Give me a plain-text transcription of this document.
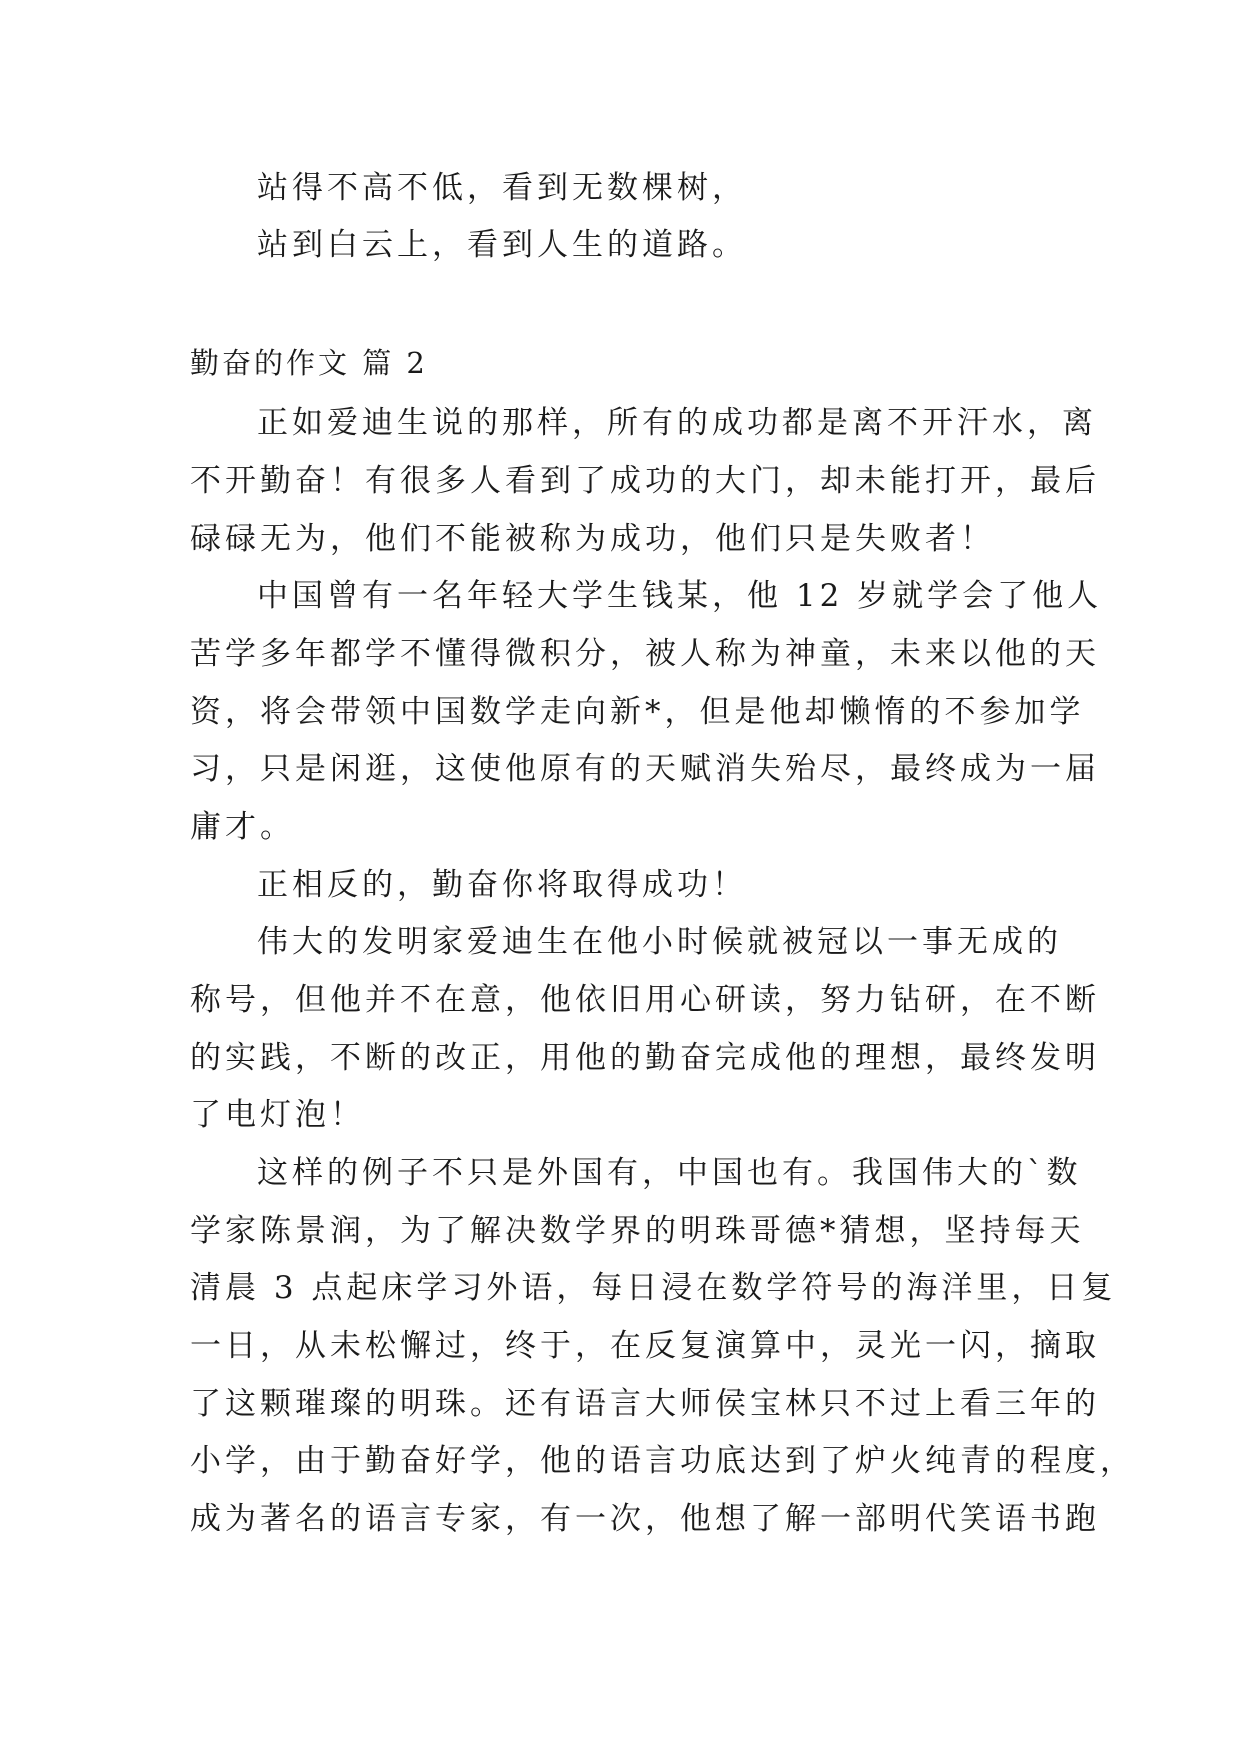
站得不高不低，看到无数棵树，
站到白云上，看到人生的道路。
勤奋的作文 篇 2
正如爱迪生说的那样，所有的成功都是离不开汗水，离
不开勤奋！有很多人看到了成功的大门，却未能打开，最后
碌碌无为，他们不能被称为成功，他们只是失败者！
中国曾有一名年轻大学生钱某，他 12 岁就学会了他人
苦学多年都学不懂得微积分，被人称为神童，未来以他的天
资，将会带领中国数学走向新*，但是他却懒惰的不参加学
习，只是闲逛，这使他原有的天赋消失殆尽，最终成为一届
庸才。
正相反的，勤奋你将取得成功！
伟大的发明家爱迪生在他小时候就被冠以一事无成的
称号，但他并不在意，他依旧用心研读，努力钻研，在不断
的实践，不断的改正，用他的勤奋完成他的理想，最终发明
了电灯泡！
这样的例子不只是外国有，中国也有。我国伟大的`数
学家陈景润，为了解决数学界的明珠哥德*猜想，坚持每天
清晨 3 点起床学习外语，每日浸在数学符号的海洋里，日复
一日，从未松懈过，终于，在反复演算中，灵光一闪，摘取
了这颗璀璨的明珠。还有语言大师侯宝林只不过上看三年的
小学，由于勤奋好学，他的语言功底达到了炉火纯青的程度，
成为著名的语言专家，有一次，他想了解一部明代笑语书跑
